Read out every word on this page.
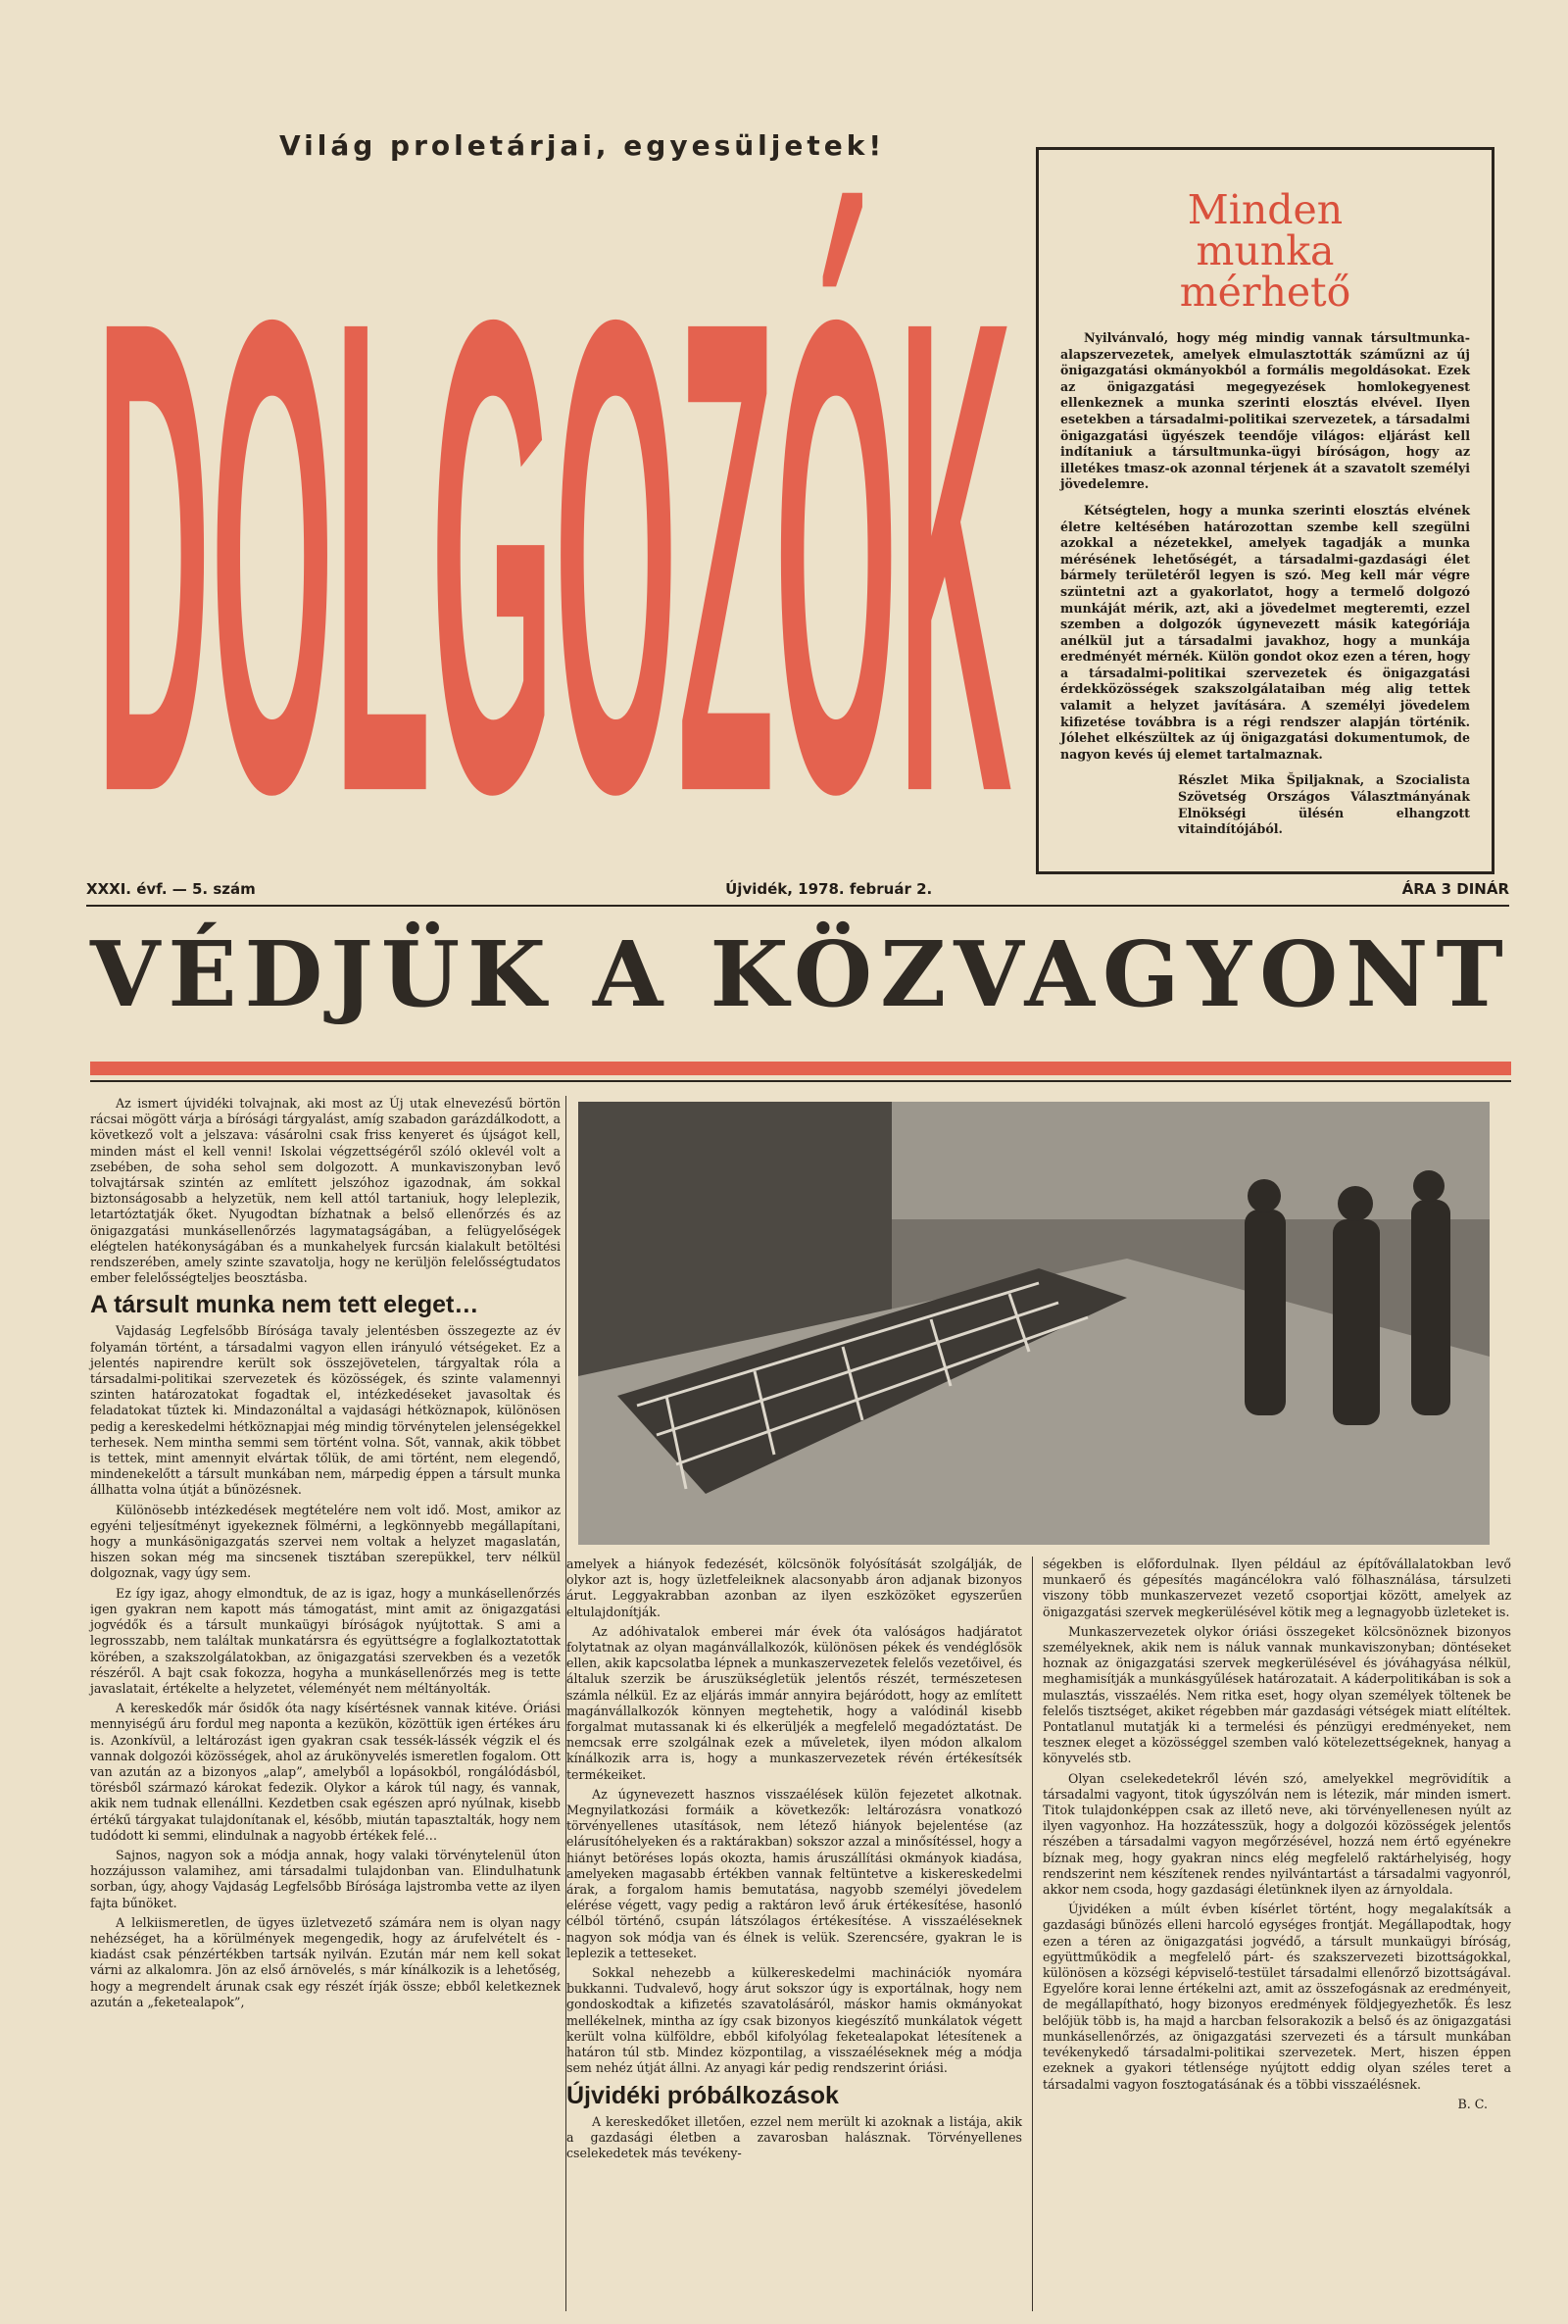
Világ proletárjai, egyesüljetek!
DOLGOZÓK	Minden
munka
mérhető

Nyilvánvaló, hogy még mindig vannak társultmunka-alapszervezetek, amelyek elmulasztották száműzni az új önigazgatási okmányokból a formális megoldásokat. Ezek az önigazgatási megegyezések homlokegyenest ellenkeznek a munka szerinti elosztás elvével. Ilyen esetekben a társadalmi-politikai szervezetek, a társadalmi önigazgatási ügyészek teendője világos: eljárást kell indítaniuk a társultmunka-ügyi bíróságon, hogy az illetékes tmasz-ok azonnal térjenek át a szavatolt személyi jövedelemre.

Kétségtelen, hogy a munka szerinti elosztás elvének életre keltésében határozottan szembe kell szegülni azokkal a nézetekkel, amelyek tagadják a munka mérésének lehetőségét, a társadalmi-gazdasági élet bármely területéről legyen is szó. Meg kell már végre szüntetni azt a gyakorlatot, hogy a termelő dolgozó munkáját mérik, azt, aki a jövedelmet megteremti, ezzel szemben a dolgozók úgynevezett másik kategóriája anélkül jut a társadalmi javakhoz, hogy a munkája eredményét mérnék. Külön gondot okoz ezen a téren, hogy a társadalmi-politikai szervezetek és önigazgatási érdekközösségek szakszolgálataiban még alig tettek valamit a helyzet javítására. A személyi jövedelem kifizetése továbbra is a régi rendszer alapján történik. Jólehet elkészültek az új önigazgatási dokumentumok, de nagyon kevés új elemet tartalmaznak.

Részlet Mika Špiljaknak, a Szocialista Szövetség Országos Választmányának Elnökségi ülésén elhangzott vitaindítójából.

XXXI. évf. — 5. szám	Újvidék, 1978. február 2.	ÁRA 3 DINÁR
VÉDJÜK A KÖZVAGYONT

Az ismert újvidéki tolvajnak, aki most az Új utak elnevezésű börtön rácsai mögött várja a bírósági tárgyalást, amíg szabadon garázdálkodott, a következő volt a jelszava: vásárolni csak friss kenyeret és újságot kell, minden mást el kell venni! Iskolai végzettségéről szóló oklevél volt a zsebében, de soha sehol sem dolgozott. A munkaviszonyban levő tolvajtársak szintén az említett jelszóhoz igazodnak, ám sokkal biztonságosabb a helyzetük, nem kell attól tartaniuk, hogy leleplezik, letartóztatják őket. Nyugodtan bízhatnak a belső ellenőrzés és az önigazgatási munkásellenőrzés lagymatagságában, a felügyelőségek elégtelen hatékonyságában és a munkahelyek furcsán kialakult betöltési rendszerében, amely szinte szavatolja, hogy ne kerüljön felelősségtudatos ember felelősségteljes beosztásba.

A társult munka nem tett eleget…

Vajdaság Legfelsőbb Bírósága tavaly jelentésben összegezte az év folyamán történt, a társadalmi vagyon ellen irányuló vétségeket. Ez a jelentés napirendre került sok összejövetelen, tárgyaltak róla a társadalmi-politikai szervezetek és közösségek, és szinte valamennyi szinten határozatokat fogadtak el, intézkedéseket javasoltak és feladatokat tűztek ki. Mindazonáltal a vajdasági hétköznapok, különösen pedig a kereskedelmi hétköznapjai még mindig törvénytelen jelenségekkel terhesek. Nem mintha semmi sem történt volna. Sőt, vannak, akik többet is tettek, mint amennyit elvártak tőlük, de ami történt, nem elegendő, mindenekelőtt a társult munkában nem, márpedig éppen a társult munka állhatta volna útját a bűnözésnek.

Különösebb intézkedések megtételére nem volt idő. Most, amikor az egyéni teljesítményt igyekeznek fölmérni, a legkönnyebb megállapítani, hogy a munkásönigazgatás szervei nem voltak a helyzet magaslatán, hiszen sokan még ma sincsenek tisztában szerepükkel, terv nélkül dolgoznak, vagy úgy sem.

Ez így igaz, ahogy elmondtuk, de az is igaz, hogy a munkásellenőrzés igen gyakran nem kapott más támogatást, mint amit az önigazgatási jogvédők és a társult munkaügyi bíróságok nyújtottak. S ami a legrosszabb, nem találtak munkatársra és együttségre a foglalkoztatottak körében, a szakszolgálatokban, az önigazgatási szervekben és a vezetők részéről. A bajt csak fokozza, hogyha a munkásellenőrzés meg is tette javaslatait, értékelte a helyzetet, véleményét nem méltányolták.

A kereskedők már ősidők óta nagy kísértésnek vannak kitéve. Óriási mennyiségű áru fordul meg naponta a kezükön, közöttük igen értékes áru is. Azonkívül, a leltározást igen gyakran csak tessék-lássék végzik el és vannak dolgozói közösségek, ahol az árukönyvelés ismeretlen fogalom. Ott van azután az a bizonyos „alap”, amelyből a lopásokból, rongálódásból, törésből származó károkat fedezik. Olykor a károk túl nagy, és vannak, akik nem tudnak ellenállni. Kezdetben csak egészen apró nyúlnak, kisebb értékű tárgyakat tulajdonítanak el, később, miután tapasztalták, hogy nem tudódott ki semmi, elindulnak a nagyobb értékek felé…

Sajnos, nagyon sok a módja annak, hogy valaki törvénytelenül úton hozzájusson valamihez, ami társadalmi tulajdonban van. Elindulhatunk sorban, úgy, ahogy Vajdaság Legfelsőbb Bírósága lajstromba vette az ilyen fajta bűnöket.

A lelkiismeretlen, de ügyes üzletvezető számára nem is olyan nagy nehézséget, ha a körülmények megengedik, hogy az árufelvételt és -kiadást csak pénzértékben tartsák nyilván. Ezután már nem kell sokat várni az alkalomra. Jön az első árnövelés, s már kínálkozik is a lehetőség, hogy a megrendelt árunak csak egy részét írják össze; ebből keletkeznek azután a „feketealapok”,

amelyek a hiányok fedezését, kölcsönök folyósítását szolgálják, de olykor azt is, hogy üzletfeleiknek alacsonyabb áron adjanak bizonyos árut. Leggyakrabban azonban az ilyen eszközöket egyszerűen eltulajdonítják.

Az adóhivatalok emberei már évek óta valóságos hadjáratot folytatnak az olyan magánvállalkozók, különösen pékek és vendéglősök ellen, akik kapcsolatba lépnek a munkaszervezetek felelős vezetőivel, és általuk szerzik be áruszükségletük jelentős részét, természetesen számla nélkül. Ez az eljárás immár annyira bejáródott, hogy az említett magánvállalkozók könnyen megtehetik, hogy a valódinál kisebb forgalmat mutassanak ki és elkerüljék a megfelelő megadóztatást. De nemcsak erre szolgálnak ezek a műveletek, ilyen módon alkalom kínálkozik arra is, hogy a munkaszervezetek révén értékesítsék termékeiket.

Az úgynevezett hasznos visszaélések külön fejezetet alkotnak. Megnyilatkozási formáik a következők: leltározásra vonatkozó törvényellenes utasítások, nem létező hiányok bejelentése (az elárusítóhelyeken és a raktárakban) sokszor azzal a minősítéssel, hogy a hiányt betöréses lopás okozta, hamis áruszállítási okmányok kiadása, amelyeken magasabb értékben vannak feltüntetve a kiskereskedelmi árak, a forgalom hamis bemutatása, nagyobb személyi jövedelem elérése végett, vagy pedig a raktáron levő áruk értékesítése, hasonló célból történő, csupán látszólagos értékesítése. A visszaéléseknek nagyon sok módja van és élnek is velük. Szerencsére, gyakran le is leplezik a tetteseket.

Sokkal nehezebb a külkereskedelmi machinációk nyomára bukkanni. Tudvalevő, hogy árut sokszor úgy is exportálnak, hogy nem gondoskodtak a kifizetés szavatolásáról, máskor hamis okmányokat mellékelnek, mintha az így csak bizonyos kiegészítő munkálatok végett került volna külföldre, ebből kifolyólag feketealapokat létesítenek a határon túl stb. Mindez központilag, a visszaéléseknek még a módja sem nehéz útját állni. Az anyagi kár pedig rendszerint óriási.

Újvidéki próbálkozások

A kereskedőket illetően, ezzel nem merült ki azoknak a listája, akik a gazdasági életben a zavarosban halásznak. Törvényellenes cselekedetek más tevékeny-

ségekben is előfordulnak. Ilyen például az építővállalatokban levő munkaerő és gépesítés magáncélokra való fölhasználása, társulzeti viszony több munkaszervezet vezető csoportjai között, amelyek az önigazgatási szervek megkerülésével kötik meg a legnagyobb üzleteket is.

Munkaszervezetek olykor óriási összegeket kölcsönöznek bizonyos személyeknek, akik nem is náluk vannak munkaviszonyban; döntéseket hoznak az önigazgatási szervek megkerülésével és jóváhagyása nélkül, meghamisítják a munkásgyűlések határozatait. A káderpolitikában is sok a mulasztás, visszaélés. Nem ritka eset, hogy olyan személyek töltenek be felelős tisztséget, akiket régebben már gazdasági vétségek miatt elítéltek. Pontatlanul mutatják ki a termelési és pénzügyi eredményeket, nem teszneк eleget a közösséggel szemben való kötelezettségeknek, hanyag a könyvelés stb.

Olyan cselekedetekről lévén szó, amelyekkel megrövidítik a társadalmi vagyont, titok úgyszólván nem is létezik, már minden ismert. Titok tulajdonképpen csak az illető neve, aki törvényellenesen nyúlt az ilyen vagyonhoz. Ha hozzátesszük, hogy a dolgozói közösségek jelentős részében a társadalmi vagyon megőrzésével, hozzá nem értő egyénekre bíznak meg, hogy gyakran nincs elég megfelelő raktárhelyiség, hogy rendszerint nem készítenek rendes nyilvántartást a társadalmi vagyonról, akkor nem csoda, hogy gazdasági életünknek ilyen az árnyoldala.

Újvidéken a múlt évben kísérlet történt, hogy megalakítsák a gazdasági bűnözés elleni harcoló egységes frontját. Megállapodtak, hogy ezen a téren az önigazgatási jogvédő, a társult munkaügyi bíróság, együttműködik a megfelelő párt- és szakszervezeti bizottságokkal, különösen a községi képviselő-testület társadalmi ellenőrző bizottságával. Egyelőre korai lenne értékelni azt, amit az összefogásnak az eredményeit, de megállapítható, hogy bizonyos eredmények földjegyezhetők. És lesz belőjük több is, ha majd a harcban felsorakozik a belső és az önigazgatási munkásellenőrzés, az önigazgatási szervezeti és a társult munkában tevékenykedő társadalmi-politikai szervezetek. Mert, hiszen éppen ezeknek a gyakori tétlensége nyújtott eddig olyan széles teret a társadalmi vagyon fosztogatásának és a többi visszaélésnek.

B. C.
